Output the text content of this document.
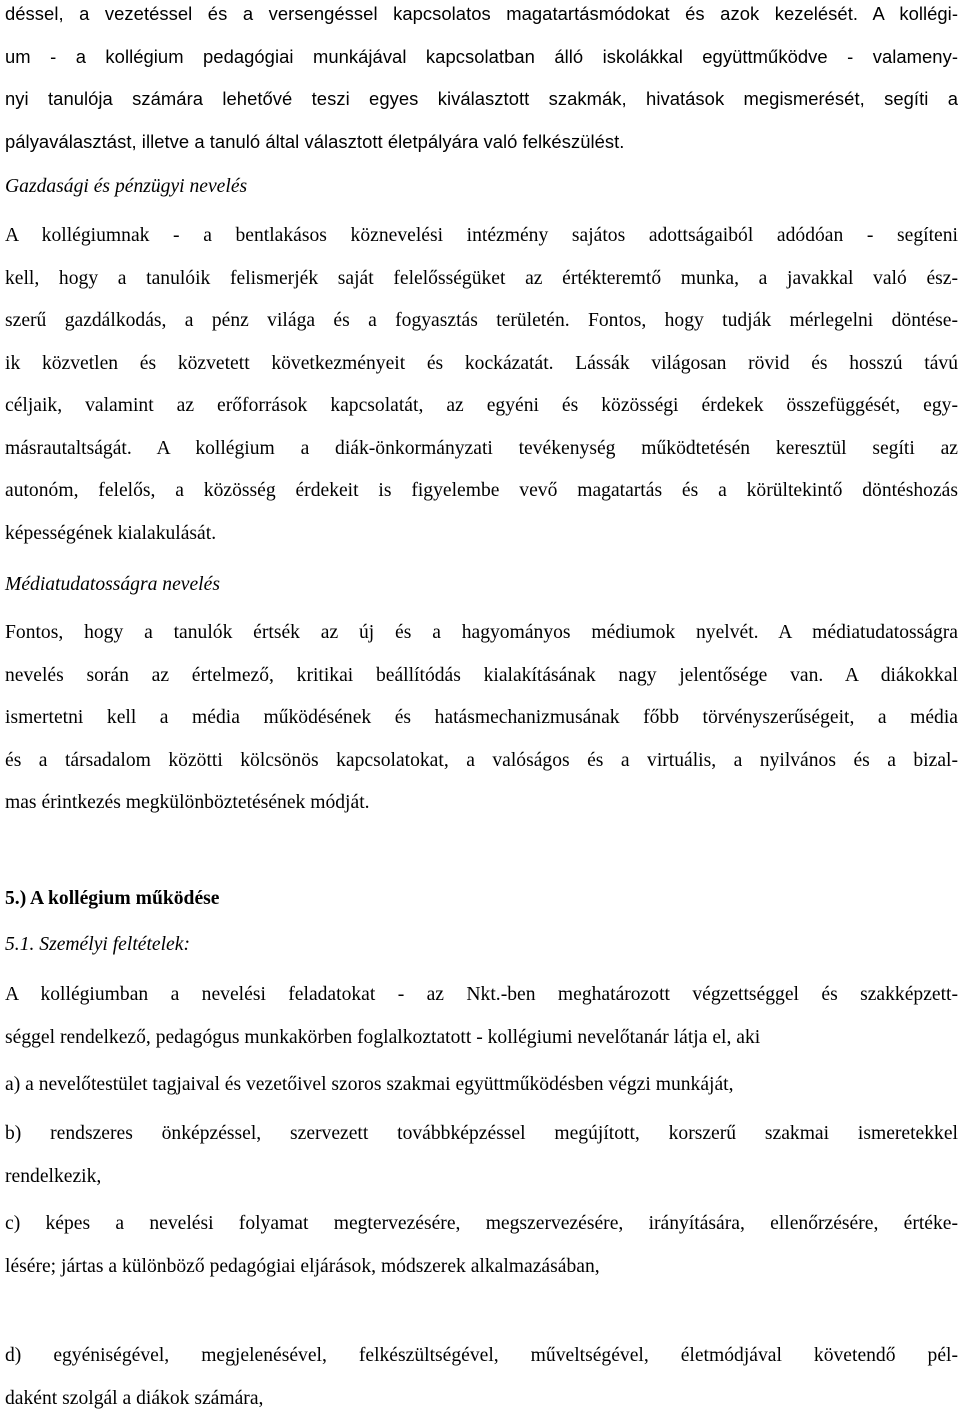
déssel, a vezetéssel és a versengéssel kapcsolatos magatartásmódokat és azok kezelését. A kollégi-
um - a kollégium pedagógiai munkájával kapcsolatban álló iskolákkal együttműködve - valameny-
nyi tanulója számára lehetővé teszi egyes kiválasztott szakmák, hivatások megismerését, segíti a
pályaválasztást, illetve a tanuló által választott életpályára való felkészülést.
Gazdasági és pénzügyi nevelés
A kollégiumnak - a bentlakásos köznevelési intézmény sajátos adottságaiból adódóan - segíteni
kell, hogy a tanulóik felismerjék saját felelősségüket az értékteremtő munka, a javakkal való ész-
szerű gazdálkodás, a pénz világa és a fogyasztás területén. Fontos, hogy tudják mérlegelni döntése-
ik közvetlen és közvetett következményeit és kockázatát. Lássák világosan rövid és hosszú távú
céljaik, valamint az erőforrások kapcsolatát, az egyéni és közösségi érdekek összefüggését, egy-
másrautaltságát. A kollégium a diák-önkormányzati tevékenység működtetésén keresztül segíti az
autonóm, felelős, a közösség érdekeit is figyelembe vevő magatartás és a körültekintő döntéshozás
képességének kialakulását.
Médiatudatosságra nevelés
Fontos, hogy a tanulók értsék az új és a hagyományos médiumok nyelvét. A médiatudatosságra
nevelés során az értelmező, kritikai beállítódás kialakításának nagy jelentősége van. A diákokkal
ismertetni kell a média működésének és hatásmechanizmusának főbb törvényszerűségeit, a média
és a társadalom közötti kölcsönös kapcsolatokat, a valóságos és a virtuális, a nyilvános és a bizal-
mas érintkezés megkülönböztetésének módját.
5.) A kollégium működése
5.1. Személyi feltételek:
A kollégiumban a nevelési feladatokat - az Nkt.-ben meghatározott végzettséggel és szakképzett-
séggel rendelkező, pedagógus munkakörben foglalkoztatott - kollégiumi nevelőtanár látja el, aki
a) a nevelőtestület tagjaival és vezetőivel szoros szakmai együttműködésben végzi munkáját,
b) rendszeres önképzéssel, szervezett továbbképzéssel megújított, korszerű szakmai ismeretekkel
rendelkezik,
c) képes a nevelési folyamat megtervezésére, megszervezésére, irányítására, ellenőrzésére, értéke-
lésére; jártas a különböző pedagógiai eljárások, módszerek alkalmazásában,
d) egyéniségével, megjelenésével, felkészültségével, műveltségével, életmódjával követendő pél-
daként szolgál a diákok számára,
